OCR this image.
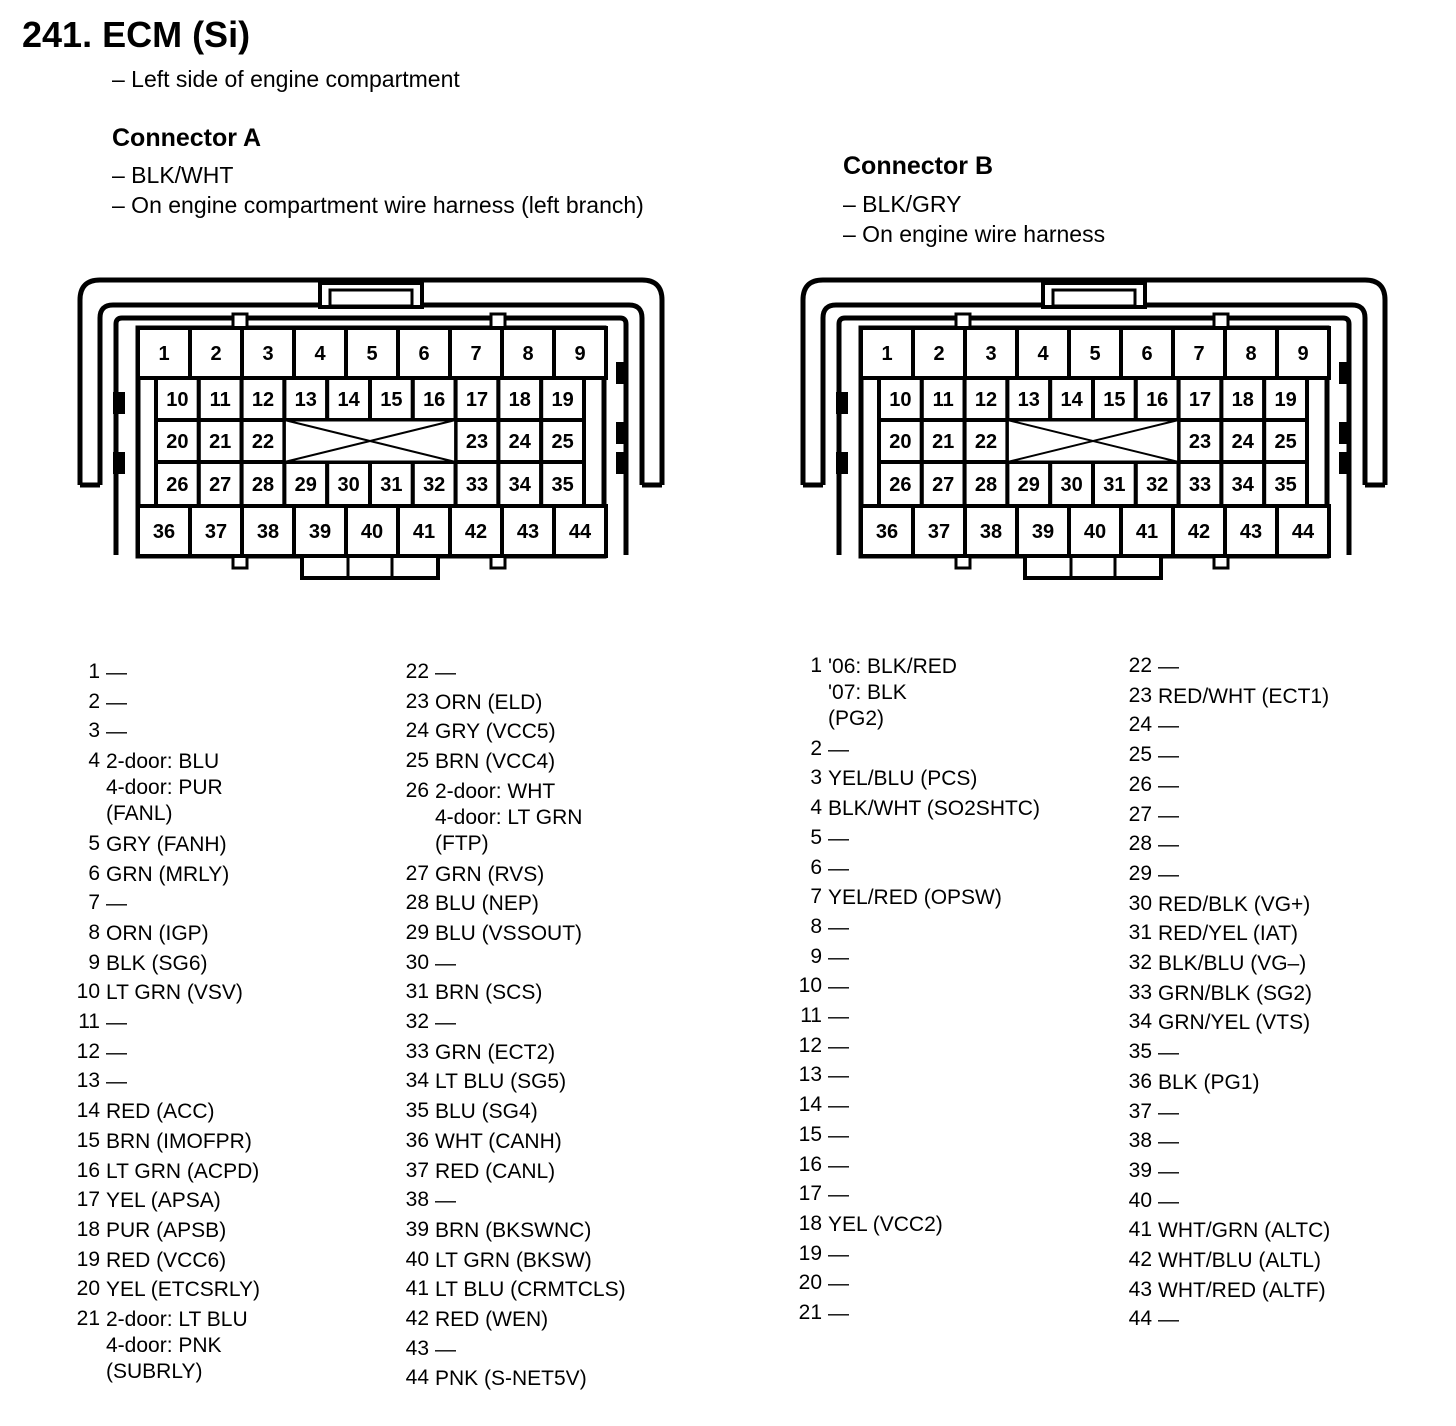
241. ECM (Si)
– Left side of engine compartment
Connector A
– BLK/WHT
– On engine compartment wire harness (left branch)
Connector B
– BLK/GRY
– On engine wire harness
1 2 3 4 5 6 7 8 9
36 37 38 39 40 41 42 43 44
10 11 12 13 14 15 16 17 18 19
26 27 28 29 30 31 32 33 34 35
20 21 22	23 24 25
1 2 3 4 5 6 7 8 9
36 37 38 39 40 41 42 43 44
10 11 12 13 14 15 16 17 18 19
26 27 28 29 30 31 32 33 34 35
20 21 22	23 24 25
1 —
2 —
3 —
4 2-door: BLU
4-door: PUR
(FANL)
5 GRY (FANH)
6 GRN (MRLY)
7 —
8 ORN (IGP)
9 BLK (SG6)
10 LT GRN (VSV)
11 —
12 —
13 —
14 RED (ACC)
15 BRN (IMOFPR)
16 LT GRN (ACPD)
17 YEL (APSA)
18 PUR (APSB)
19 RED (VCC6)
20 YEL (ETCSRLY)
21 2-door: LT BLU
4-door: PNK
(SUBRLY)
22 —
23 ORN (ELD)
24 GRY (VCC5)
25 BRN (VCC4)
26 2-door: WHT
4-door: LT GRN
(FTP)
27 GRN (RVS)
28 BLU (NEP)
29 BLU (VSSOUT)
30 —
31 BRN (SCS)
32 —
33 GRN (ECT2)
34 LT BLU (SG5)
35 BLU (SG4)
36 WHT (CANH)
37 RED (CANL)
38 —
39 BRN (BKSWNC)
40 LT GRN (BKSW)
41 LT BLU (CRMTCLS)
42 RED (WEN)
43 —
44 PNK (S-NET5V)
1 '06: BLK/RED
'07: BLK
(PG2)
2 —
3 YEL/BLU (PCS)
4 BLK/WHT (SO2SHTC)
5 —
6 —
7 YEL/RED (OPSW)
8 —
9 —
10 —
11 —
12 —
13 —
14 —
15 —
16 —
17 —
18 YEL (VCC2)
19 —
20 —
21 —
22 —
23 RED/WHT (ECT1)
24 —
25 —
26 —
27 —
28 —
29 —
30 RED/BLK (VG+)
31 RED/YEL (IAT)
32 BLK/BLU (VG–)
33 GRN/BLK (SG2)
34 GRN/YEL (VTS)
35 —
36 BLK (PG1)
37 —
38 —
39 —
40 —
41 WHT/GRN (ALTC)
42 WHT/BLU (ALTL)
43 WHT/RED (ALTF)
44 —
